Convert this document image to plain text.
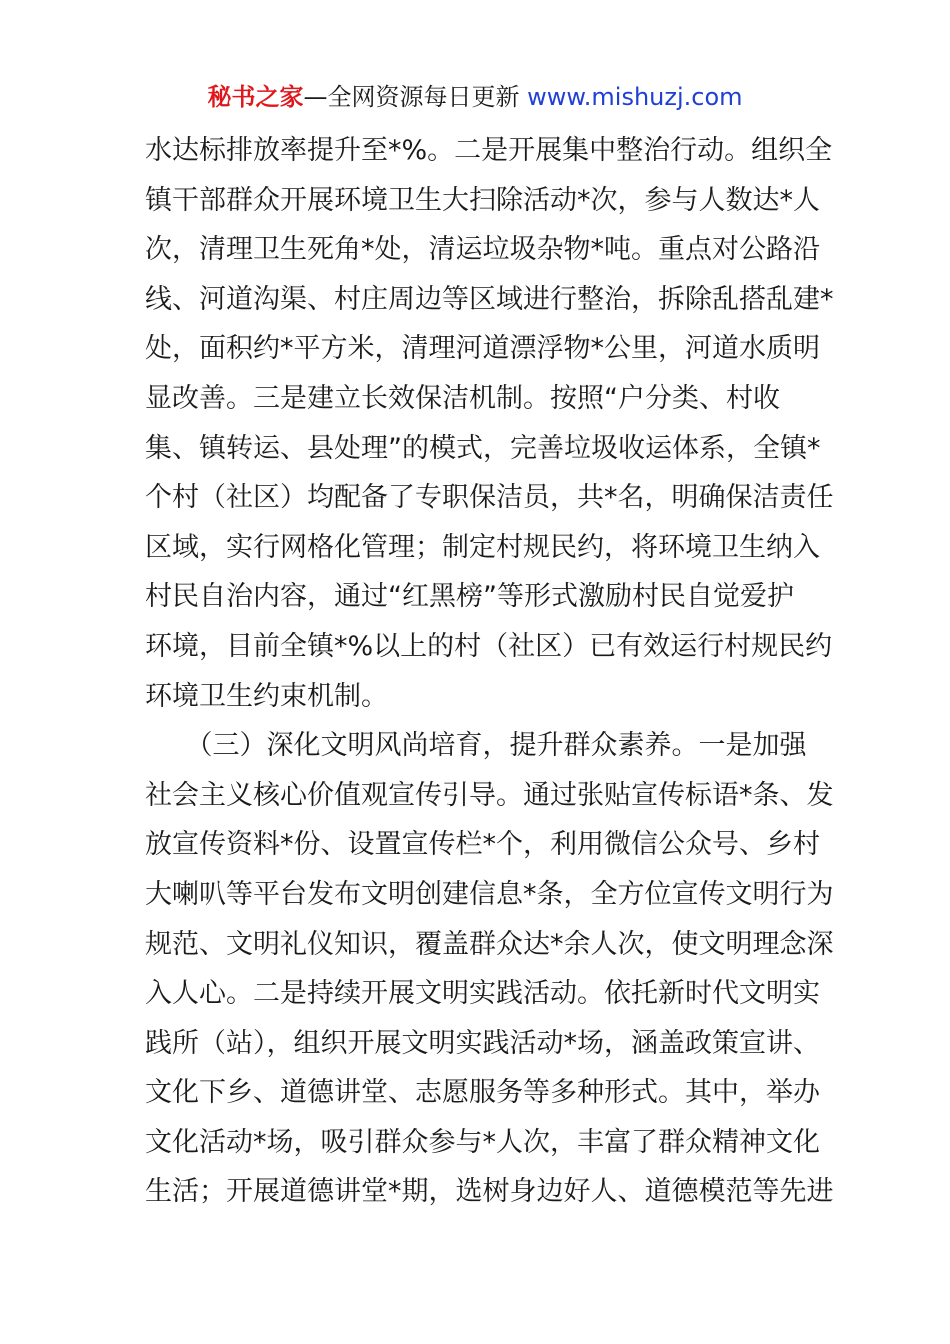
秘书之家—全网资源每日更新 www.mishuzj.com
水达标排放率提升至*%。二是开展集中整治行动。组织全
镇干部群众开展环境卫生大扫除活动*次，参与人数达*人
次，清理卫生死角*处，清运垃圾杂物*吨。重点对公路沿
线、河道沟渠、村庄周边等区域进行整治，拆除乱搭乱建*
处，面积约*平方米，清理河道漂浮物*公里，河道水质明
显改善。三是建立长效保洁机制。按照“户分类、村收
集、镇转运、县处理”的模式，完善垃圾收运体系，全镇*
个村（社区）均配备了专职保洁员，共*名，明确保洁责任
区域，实行网格化管理；制定村规民约，将环境卫生纳入
村民自治内容，通过“红黑榜”等形式激励村民自觉爱护
环境，目前全镇*%以上的村（社区）已有效运行村规民约
环境卫生约束机制。
　　（三）深化文明风尚培育，提升群众素养。一是加强
社会主义核心价值观宣传引导。通过张贴宣传标语*条、发
放宣传资料*份、设置宣传栏*个，利用微信公众号、乡村
大喇叭等平台发布文明创建信息*条，全方位宣传文明行为
规范、文明礼仪知识，覆盖群众达*余人次，使文明理念深
入人心。二是持续开展文明实践活动。依托新时代文明实
践所（站），组织开展文明实践活动*场，涵盖政策宣讲、
文化下乡、道德讲堂、志愿服务等多种形式。其中，举办
文化活动*场，吸引群众参与*人次，丰富了群众精神文化
生活；开展道德讲堂*期，选树身边好人、道德模范等先进
